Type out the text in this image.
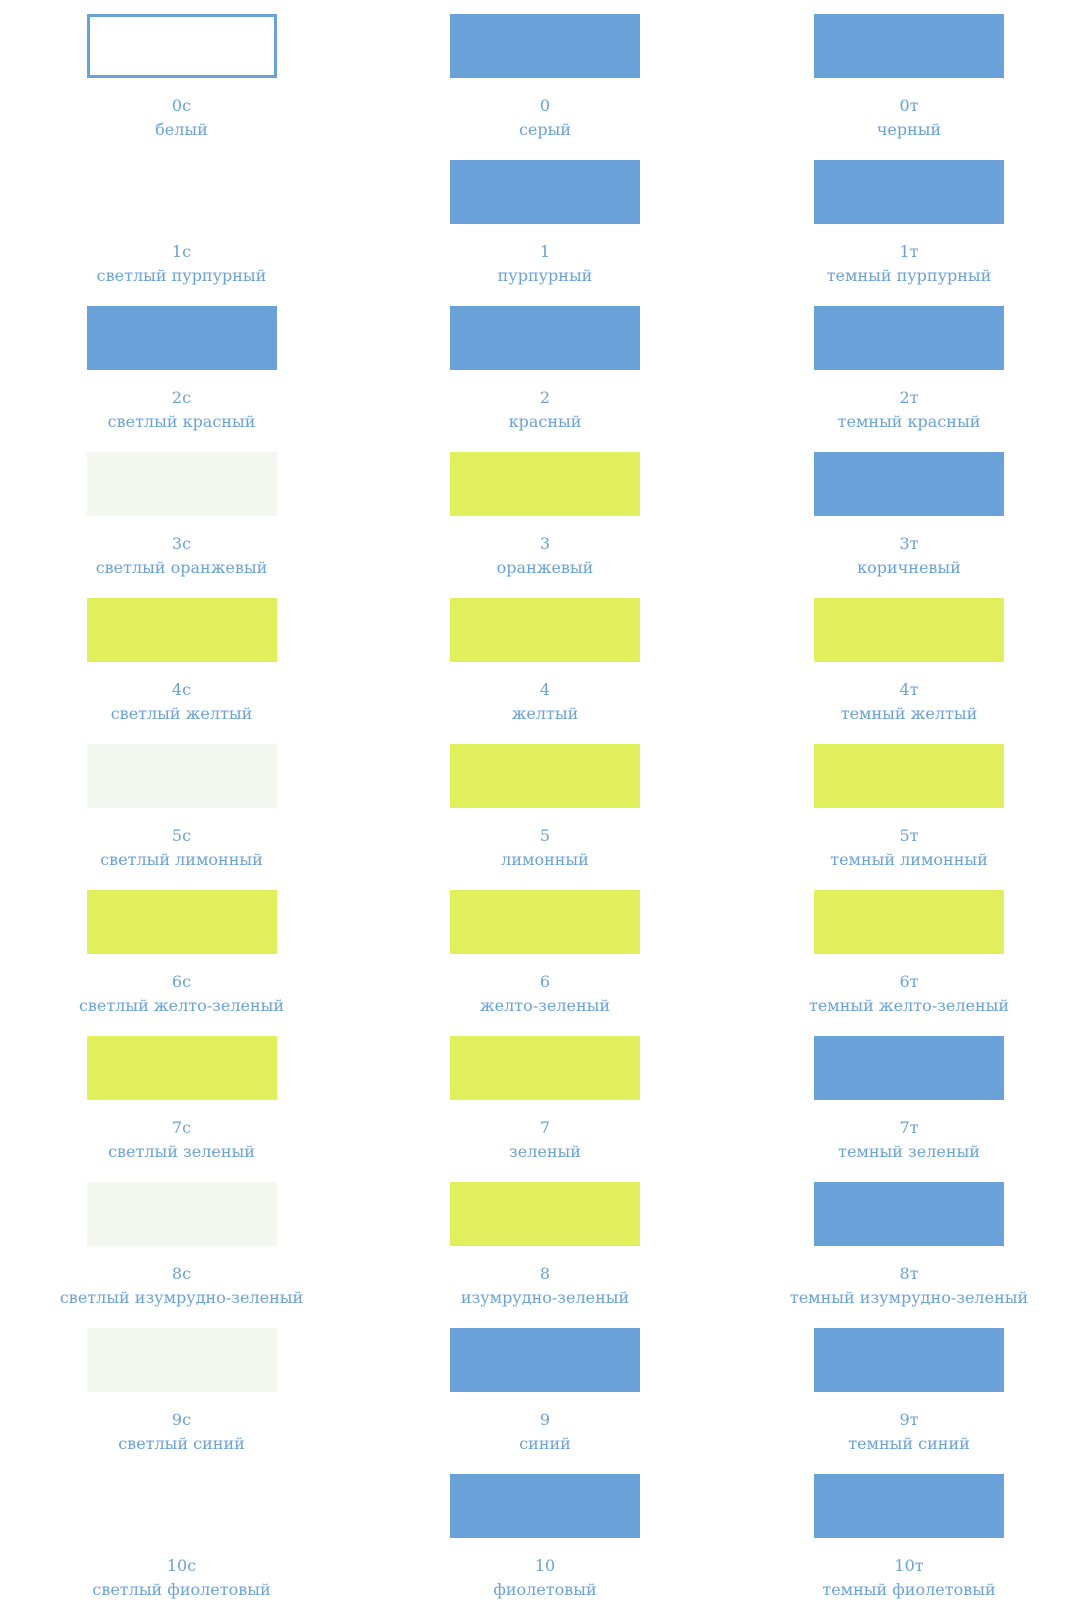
0с
белый
0
серый
0т
черный
1с
светлый пурпурный
1
пурпурный
1т
темный пурпурный
2с
светлый красный
2
красный
2т
темный красный
3с
светлый оранжевый
3
оранжевый
3т
коричневый
4с
светлый желтый
4
желтый
4т
темный желтый
5с
светлый лимонный
5
лимонный
5т
темный лимонный
6с
светлый желто-зеленый
6
желто-зеленый
6т
темный желто-зеленый
7с
светлый зеленый
7
зеленый
7т
темный зеленый
8с
светлый изумрудно-зеленый
8
изумрудно-зеленый
8т
темный изумрудно-зеленый
9с
светлый синий
9
синий
9т
темный синий
10с
светлый фиолетовый
10
фиолетовый
10т
темный фиолетовый
